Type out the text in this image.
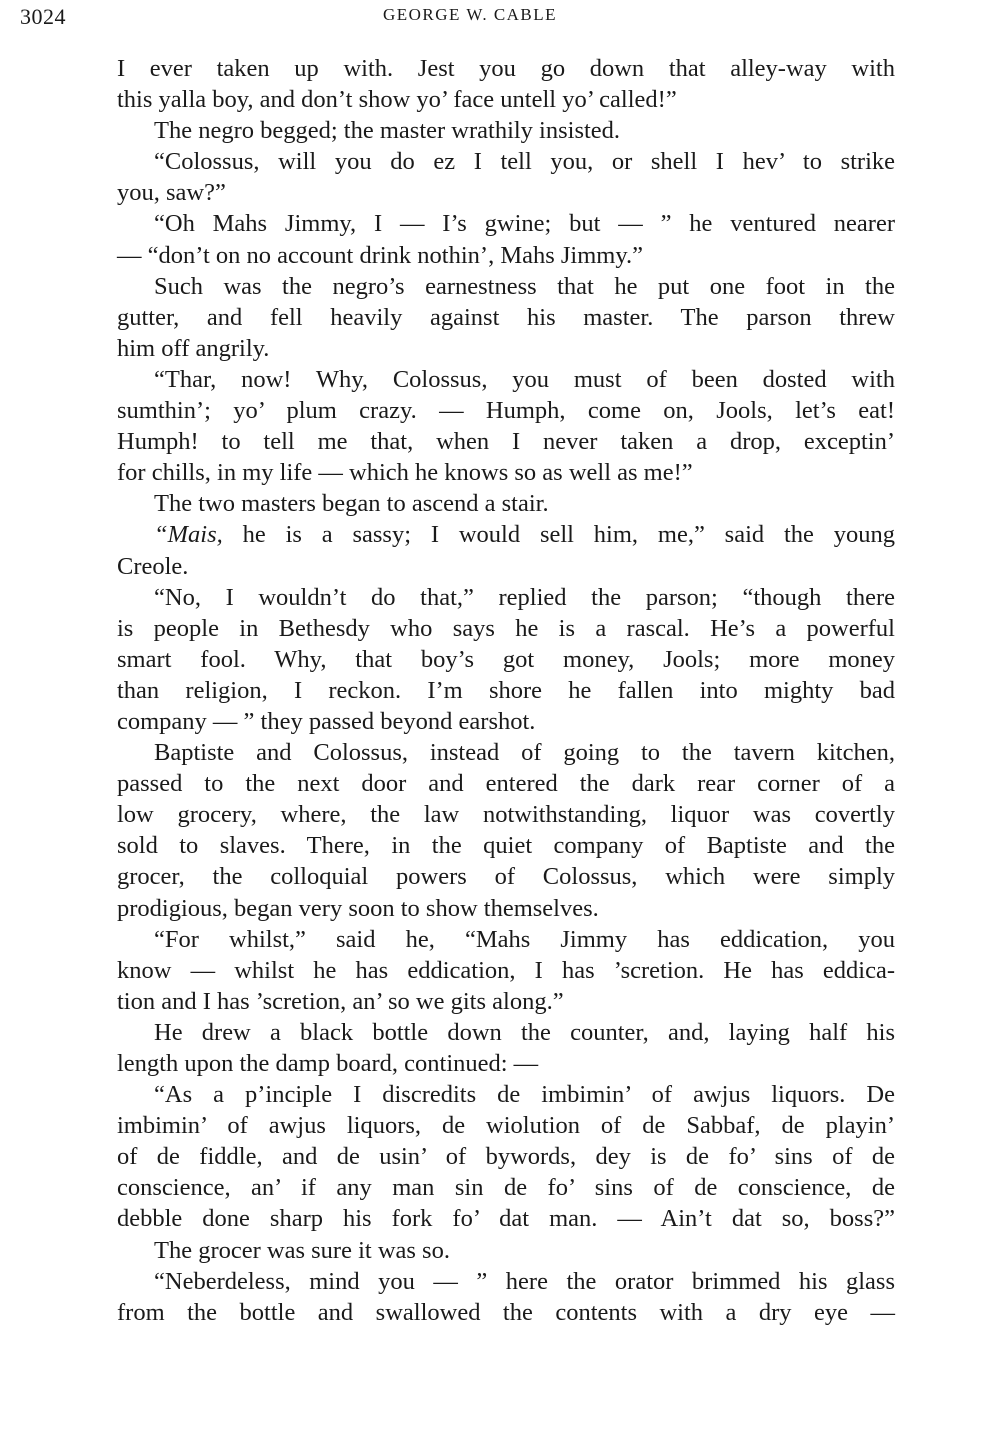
3024	GEORGE W. CABLE
I ever taken up with. Jest you go down that alley-way with
this yalla boy, and don’t show yo’ face untell yo’ called!”
The negro begged; the master wrathily insisted.
“Colossus, will you do ez I tell you, or shell I hev’ to strike
you, saw?”
“Oh Mahs Jimmy, I — I’s gwine; but — ” he ventured nearer
— “don’t on no account drink nothin’, Mahs Jimmy.”
Such was the negro’s earnestness that he put one foot in the
gutter, and fell heavily against his master. The parson threw
him off angrily.
“Thar, now! Why, Colossus, you must of been dosted with
sumthin’; yo’ plum crazy. — Humph, come on, Jools, let’s eat!
Humph! to tell me that, when I never taken a drop, exceptin’
for chills, in my life — which he knows so as well as me!”
The two masters began to ascend a stair.
“Mais, he is a sassy; I would sell him, me,” said the young
Creole.
“No, I wouldn’t do that,” replied the parson; “though there
is people in Bethesdy who says he is a rascal. He’s a powerful
smart fool. Why, that boy’s got money, Jools; more money
than religion, I reckon. I’m shore he fallen into mighty bad
company — ” they passed beyond earshot.
Baptiste and Colossus, instead of going to the tavern kitchen,
passed to the next door and entered the dark rear corner of a
low grocery, where, the law notwithstanding, liquor was covertly
sold to slaves. There, in the quiet company of Baptiste and the
grocer, the colloquial powers of Colossus, which were simply
prodigious, began very soon to show themselves.
“For whilst,” said he, “Mahs Jimmy has eddication, you
know — whilst he has eddication, I has ’scretion. He has eddica-
tion and I has ’scretion, an’ so we gits along.”
He drew a black bottle down the counter, and, laying half his
length upon the damp board, continued: —
“As a p’inciple I discredits de imbimin’ of awjus liquors. De
imbimin’ of awjus liquors, de wiolution of de Sabbaf, de playin’
of de fiddle, and de usin’ of bywords, dey is de fo’ sins of de
conscience, an’ if any man sin de fo’ sins of de conscience, de
debble done sharp his fork fo’ dat man. — Ain’t dat so, boss?”
The grocer was sure it was so.
“Neberdeless, mind you — ” here the orator brimmed his glass
from the bottle and swallowed the contents with a dry eye —
